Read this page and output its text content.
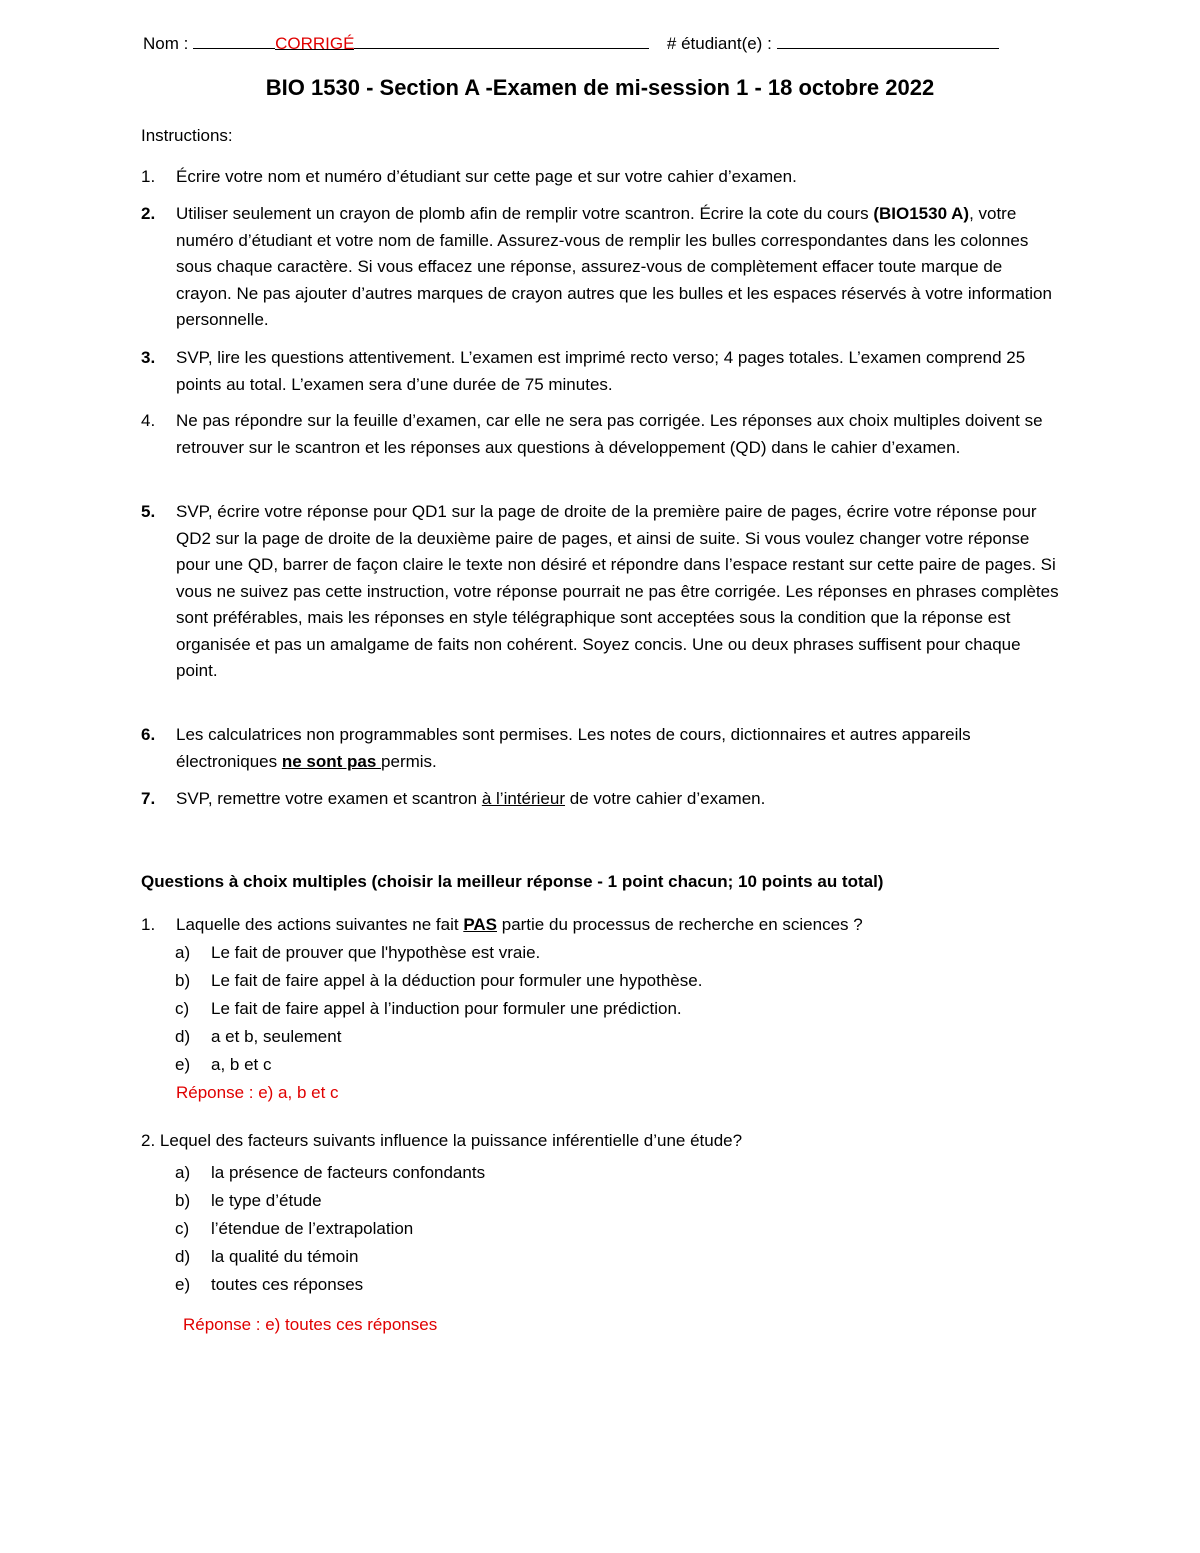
Nom :	CORRIGÉ	# étudiant(e) :
BIO 1530 - Section A -Examen de mi-session 1 - 18 octobre 2022
Instructions:
1. Écrire votre nom et numéro d’étudiant sur cette page et sur votre cahier d’examen.
2. Utiliser seulement un crayon de plomb afin de remplir votre scantron. Écrire la cote du cours (BIO1530 A), votre numéro d’étudiant et votre nom de famille. Assurez-vous de remplir les bulles correspondantes dans les colonnes sous chaque caractère. Si vous effacez une réponse, assurez-vous de complètement effacer toute marque de crayon. Ne pas ajouter d’autres marques de crayon autres que les bulles et les espaces réservés à votre information personnelle.
3. SVP, lire les questions attentivement. L’examen est imprimé recto verso; 4 pages totales. L’examen comprend 25 points au total. L’examen sera d’une durée de 75 minutes.
4. Ne pas répondre sur la feuille d’examen, car elle ne sera pas corrigée. Les réponses aux choix multiples doivent se retrouver sur le scantron et les réponses aux questions à développement (QD) dans le cahier d’examen.
5. SVP, écrire votre réponse pour QD1 sur la page de droite de la première paire de pages, écrire votre réponse pour QD2 sur la page de droite de la deuxième paire de pages, et ainsi de suite. Si vous voulez changer votre réponse pour une QD, barrer de façon claire le texte non désiré et répondre dans l’espace restant sur cette paire de pages. Si vous ne suivez pas cette instruction, votre réponse pourrait ne pas être corrigée. Les réponses en phrases complètes sont préférables, mais les réponses en style télégraphique sont acceptées sous la condition que la réponse est organisée et pas un amalgame de faits non cohérent. Soyez concis. Une ou deux phrases suffisent pour chaque point.
6. Les calculatrices non programmables sont permises. Les notes de cours, dictionnaires et autres appareils électroniques ne sont pas permis.
7. SVP, remettre votre examen et scantron à l’intérieur de votre cahier d’examen.
Questions à choix multiples (choisir la meilleur réponse - 1 point chacun; 10 points au total)
1. Laquelle des actions suivantes ne fait PAS partie du processus de recherche en sciences ?
a) Le fait de prouver que l'hypothèse est vraie.
b) Le fait de faire appel à la déduction pour formuler une hypothèse.
c) Le fait de faire appel à l’induction pour formuler une prédiction.
d) a et b, seulement
e) a, b et c
Réponse : e) a, b et c
2. Lequel des facteurs suivants influence la puissance inférentielle d’une étude?
a) la présence de facteurs confondants
b) le type d’étude
c) l’étendue de l’extrapolation
d) la qualité du témoin
e) toutes ces réponses
Réponse : e) toutes ces réponses
